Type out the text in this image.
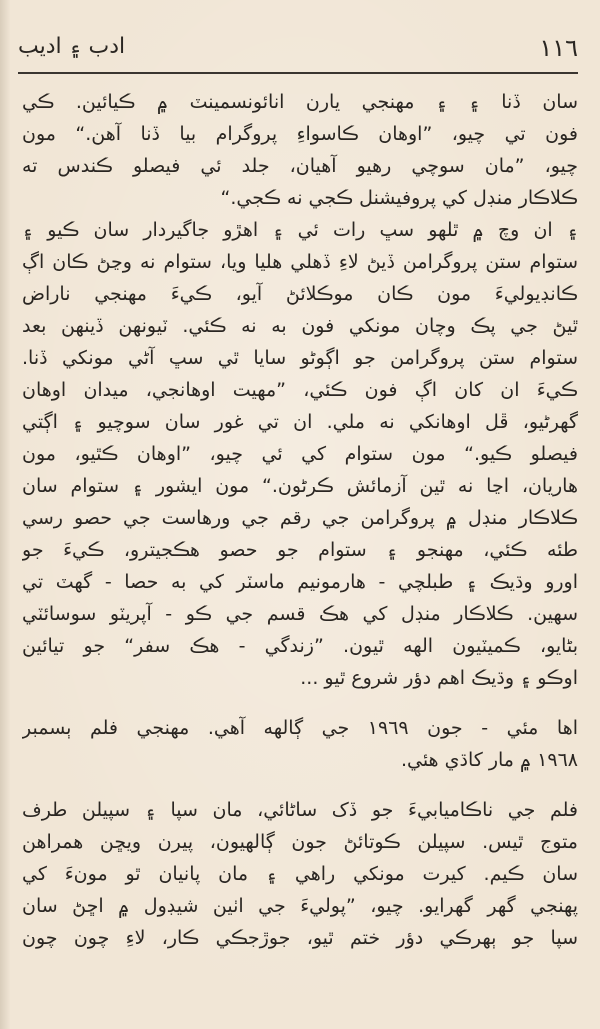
١١٦
ادب ۽ اديب
سان ڏنا ۽ ۽ مهنجي يارن انائونسمينٽ ۾ ڪيائين. ڪي
فون تي چيو، ”اوهان ڪاسواءِ پروگرام بيا ڏنا آهن.“ مون
چيو، ”مان سوچي رهيو آهيان، جلد ئي فيصلو ڪندس ته
ڪلاڪار منڊل کي پروفيشنل ڪجي نه ڪجي.“
۽ ان وچ ۾ ٿلهو سڀ رات ئي ۽ اهڙو جاگيردار سان ڪيو ۽
ستوام ستن پروگرامن ڏيڻ لاءِ ڏهلي هليا ويا، ستوام نه وڃڻ ڪان اڳ
ڪانڊيوليءَ مون ڪان موڪلائڻ آيو، ڪيءَ مهنجي ناراض
ٿيڻ جي پڪ وچان مونکي فون به نه ڪئي. ٽيونهن ڏينهن بعد
ستوام ستن پروگرامن جو اڳوڻو سايا ٿي سڀ آڻي مونکي ڏنا.
ڪيءَ ان کان اڳ فون ڪئي، ”مهيت اوهانجي، ميدان اوهان
گهرڻيو، ڦل اوهانکي نه ملي. ان تي غور سان سوچيو ۽ اڳتي
فيصلو ڪيو.“ مون ستوام کي ئي چيو، ”اوهان ڪٿيو، مون
هاريان، اڃا نه ٿين آزمائش ڪرڻون.“ مون ايشور ۽ ستوام سان
ڪلاڪار منڊل ۾ پروگرامن جي رقم جي ورهاست جي حصو رسي
طئه ڪئي، مهنجو ۽ ستوام جو حصو هڪجيترو، ڪيءَ جو
اورو وڌيڪ ۽ طبلچي - هارمونيم ماسٽر کي به حصا - گهٽ تي
سهين. ڪلاڪار منڊل کي هڪ قسم جي ڪو - آپريٽو سوسائٽي
بڻايو، ڪميٽيون الھه ٿيون. ”زندگي - هڪ سفر“ جو تيائين
اوڪو ۽ وڌيڪ اهم دؤر شروع ٿيو ...
اها مئي - جون ١٩٦٩ جي ڳالھه آهي. مهنجي فلم ٻسمبر
١٩٦٨ ۾ مار کاڌي هئي.
فلم جي ناڪاميابيءَ جو ڏک ساڻائي، مان سپا ۽ سپيلن طرف
متوج ٿيس. سپيلن ڪوتائڻ جون ڳالهيون، پيرن ويڇن همراهن
سان ڪيم. کيرت مونکي راهي ۽ مان پانيان ٿو مونءَ کي
پهنجي گهر گهرايو. چيو، ”پوليءَ جي اٺين شيڊول ۾ اڇڻ سان
سپا جو ٻهرڪي دؤر ختم ٿيو، جوڙجڪي ڪار، لاءِ چون چون
